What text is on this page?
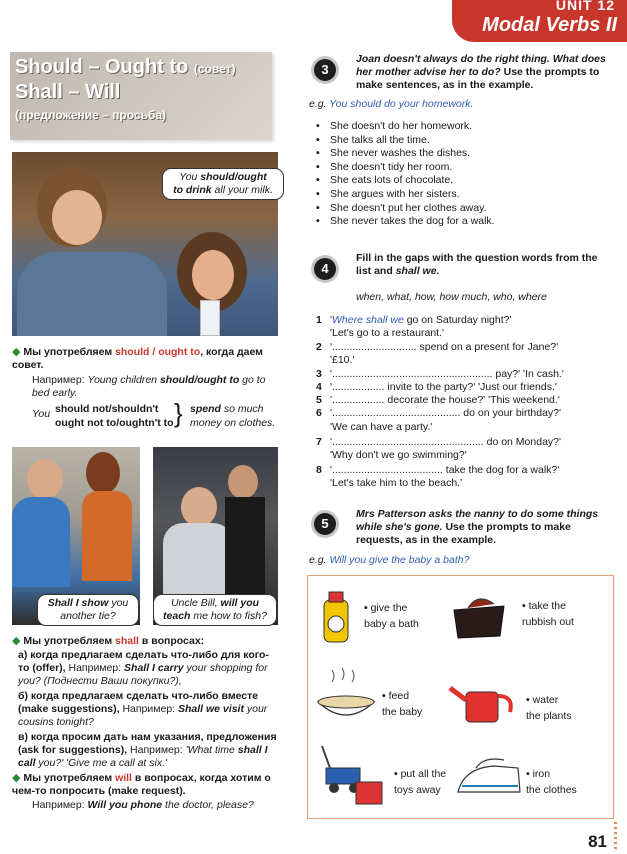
UNIT 12
Modal Verbs II
Should – Ought to (совет)
Shall – Will
(предложение – просьба)
You should/ought
to drink all your milk.
◆ Мы употребляем should / ought to, когда даем совет.
Например: Young children should/ought to go to bed early.
You should not/shouldn't
ought not to/oughtn't to } spend so much
money on clothes.
Shall I show you another tie?
Uncle Bill, will you
teach me how to fish?
◆ Мы употребляем shall в вопросах:
а) когда предлагаем сделать что-либо для кого-то (offer), Например: Shall I carry your shopping for you? (Поднести Ваши покупки?),
б) когда предлагаем сделать что-либо вместе (make suggestions), Например: Shall we visit your cousins tonight?
в) когда просим дать нам указания, предложения (ask for suggestions), Например: 'What time shall I call you?' 'Give me a call at six.'
◆ Мы употребляем will в вопросах, когда хотим о чем-то попросить (make request).
Например: Will you phone the doctor, please?
3
Joan doesn't always do the right thing. What does her mother advise her to do? Use the prompts to make sentences, as in the example.
e.g. You should do your homework.
• She doesn't do her homework.
• She talks all the time.
• She never washes the dishes.
• She doesn't tidy her room.
• She eats lots of chocolate.
• She argues with her sisters.
• She doesn't put her clothes away.
• She never takes the dog for a walk.
4
Fill in the gaps with the question words from the list and shall we.
when, what, how, how much, who, where
1 'Where shall we go on Saturday night?'
'Let's go to a restaurant.'
2 '............................. spend on a present for Jane?'
'£10.'
3 '....................................................... pay?' 'In cash.'
4 '.................. invite to the party?' 'Just our friends.'
5 '.................. decorate the house?' 'This weekend.'
6 '............................................ do on your birthday?'
'We can have a party.'
7 '.................................................... do on Monday?'
'Why don't we go swimming?'
8 '...................................... take the dog for a walk?'
'Let's take him to the beach.'
5
Mrs Patterson asks the nanny to do some things while she's gone. Use the prompts to make requests, as in the example.
e.g. Will you give the baby a bath?
• give the
baby a bath
• take the
rubbish out
• feed
the baby
• water
the plants
• put all the
toys away
• iron
the clothes
81
